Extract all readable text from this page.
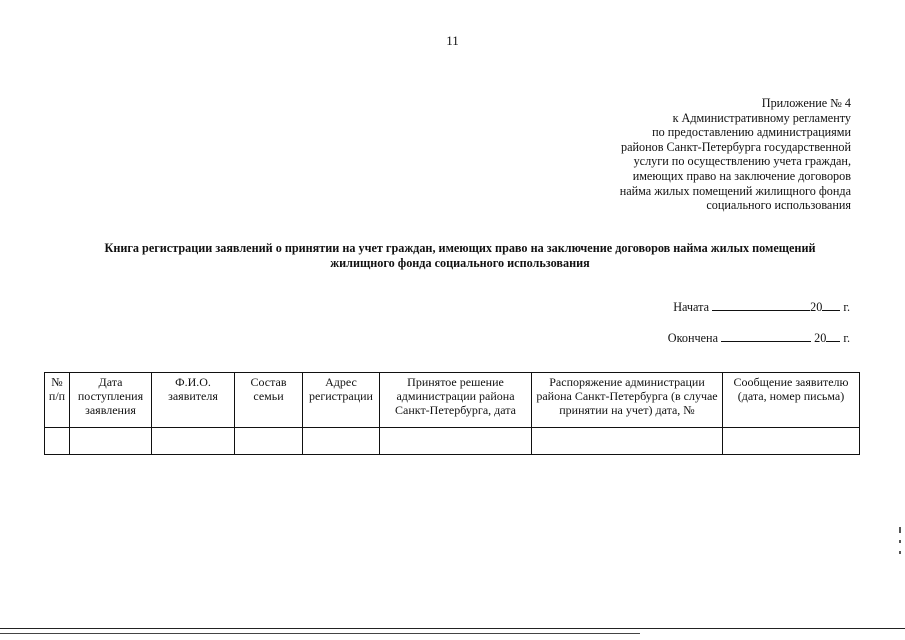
11
Приложение № 4
к Административному регламенту
по предоставлению администрациями
районов Санкт-Петербурга государственной
услуги по осуществлению учета граждан,
имеющих право на заключение договоров
найма жилых помещений жилищного фонда
социального использования
Книга регистрации заявлений о принятии на учет граждан, имеющих право на заключение договоров найма жилых помещений
жилищного фонда социального использования
Начата	20 г.
Окончена	20 г.
№ п/п	Дата поступления заявления	Ф.И.О. заявителя	Состав семьи	Адрес регистрации	Принятое решение администрации района Санкт-Петербурга, дата	Распоряжение администрации района Санкт-Петербурга (в случае принятии на учет) дата, №	Сообщение заявителю (дата, номер письма)
